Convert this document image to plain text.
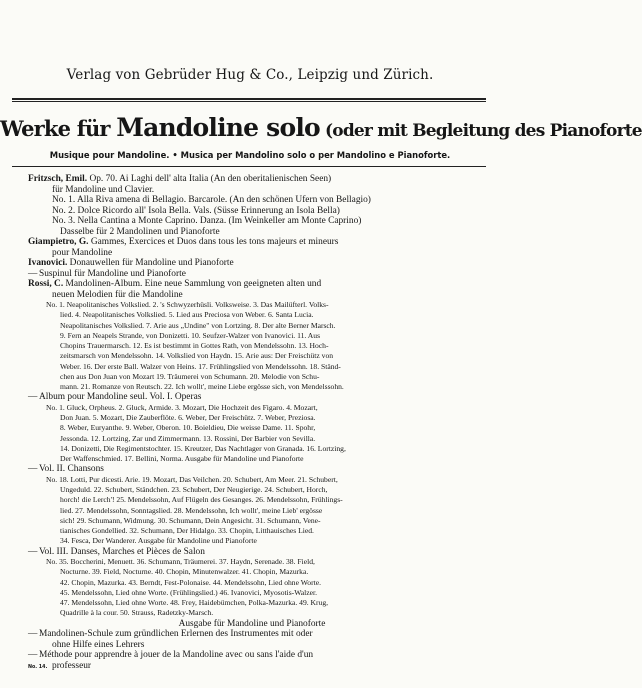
Verlag von Gebrüder Hug & Co., Leipzig und Zürich.
Werke für Mandoline solo (oder mit Begleitung des Pianoforte
Musique pour Mandoline. • Musica per Mandolino solo o per Mandolino e Pianoforte.
Fritzsch, Emil. Op. 70. Ai Laghi dell' alta Italia (An den oberitalienischen Seen)
für Mandoline und Clavier.
No. 1. Alla Riva amena di Bellagio. Barcarole. (An den schönen Ufern von Bellagio)
No. 2. Dolce Ricordo all' Isola Bella. Vals. (Süsse Erinnerung an Isola Bella)
No. 3. Nella Cantina a Monte Caprino. Danza. (Im Weinkeller am Monte Caprino)
Dasselbe für 2 Mandolinen und Pianoforte
Giampietro, G. Gammes, Exercices et Duos dans tous les tons majeurs et mineurs
pour Mandoline
Ivanovici. Donauwellen für Mandoline und Pianoforte
— Suspinul für Mandoline und Pianoforte
Rossi, C. Mandolinen-Album. Eine neue Sammlung von geeigneten alten und
neuen Melodien für die Mandoline
No. 1. Neapolitanisches Volkslied. 2. 's Schwyzerhüsli. Volksweise. 3. Das Mailüfterl. Volks-
lied. 4. Neapolitanisches Volkslied. 5. Lied aus Preciosa von Weber. 6. Santa Lucia.
Neapolitanisches Volkslied. 7. Arie aus „Undine" von Lortzing. 8. Der alte Berner Marsch.
9. Fern an Neapels Strande, von Donizetti. 10. Seufzer-Walzer von Ivanovici. 11. Aus
Chopins Trauermarsch. 12. Es ist bestimmt in Gottes Rath, von Mendelssohn. 13. Hoch-
zeitsmarsch von Mendelssohn. 14. Volkslied von Haydn. 15. Arie aus: Der Freischütz von
Weber. 16. Der erste Ball. Walzer von Heins. 17. Frühlingslied von Mendelssohn. 18. Ständ-
chen aus Don Juan von Mozart 19. Träumerei von Schumann. 20. Melodie von Schu-
mann. 21. Romanze von Reutsch. 22. Ich wollt', meine Liebe ergösse sich, von Mendelssohn.
— Album pour Mandoline seul. Vol. I. Operas
No. 1. Gluck, Orpheus. 2. Gluck, Armide. 3. Mozart, Die Hochzeit des Figaro. 4. Mozart,
Don Juan. 5. Mozart, Die Zauberflöte. 6. Weber, Der Freischütz. 7. Weber, Preziosa.
8. Weber, Euryanthe. 9. Weber, Oberon. 10. Boieldieu, Die weisse Dame. 11. Spohr,
Jessonda. 12. Lortzing, Zar und Zimmermann. 13. Rossini, Der Barbier von Sevilla.
14. Donizetti, Die Regimentstochter. 15. Kreutzer, Das Nachtlager von Granada. 16. Lortzing,
Der Waffenschmied. 17. Bellini, Norma. Ausgabe für Mandoline und Pianoforte
— Vol. II. Chansons
No. 18. Lotti, Pur dicesti. Arie. 19. Mozart, Das Veilchen. 20. Schubert, Am Meer. 21. Schubert,
Ungeduld. 22. Schubert, Ständchen. 23. Schubert, Der Neugierige. 24. Schubert, Horch,
horch! die Lerch'! 25. Mendelssohn, Auf Flügeln des Gesanges. 26. Mendelssohn, Frühlings-
lied. 27. Mendelssohn, Sonntagslied. 28. Mendelssohn, Ich wollt', meine Lieb' ergösse
sich! 29. Schumann, Widmung. 30. Schumann, Dein Angesicht. 31. Schumann, Vene-
tianisches Gondellied. 32. Schumann, Der Hidalgo. 33. Chopin, Litthauisches Lied.
34. Fesca, Der Wanderer. Ausgabe für Mandoline und Pianoforte
— Vol. III. Danses, Marches et Pièces de Salon
No. 35. Boccherini, Menuett. 36. Schumann, Träumerei. 37. Haydn, Serenade. 38. Field,
Nocturne. 39. Field, Nocturne. 40. Chopin, Minutenwalzer. 41. Chopin, Mazurka.
42. Chopin, Mazurka. 43. Berndt, Fest-Polonaise. 44. Mendelssohn, Lied ohne Worte.
45. Mendelssohn, Lied ohne Worte. (Frühlingslied.) 46. Ivanovici, Myosotis-Walzer.
47. Mendelssohn, Lied ohne Worte. 48. Frey, Haidebümchen, Polka-Mazurka. 49. Krug,
Quadrille à la cour. 50. Strauss, Radetzky-Marsch.
Ausgabe für Mandoline und Pianoforte
— Mandolinen-Schule zum gründlichen Erlernen des Instrumentes mit oder
ohne Hilfe eines Lehrers
— Méthode pour apprendre à jouer de la Mandoline avec ou sans l'aide d'un
professeur
No. 14.
